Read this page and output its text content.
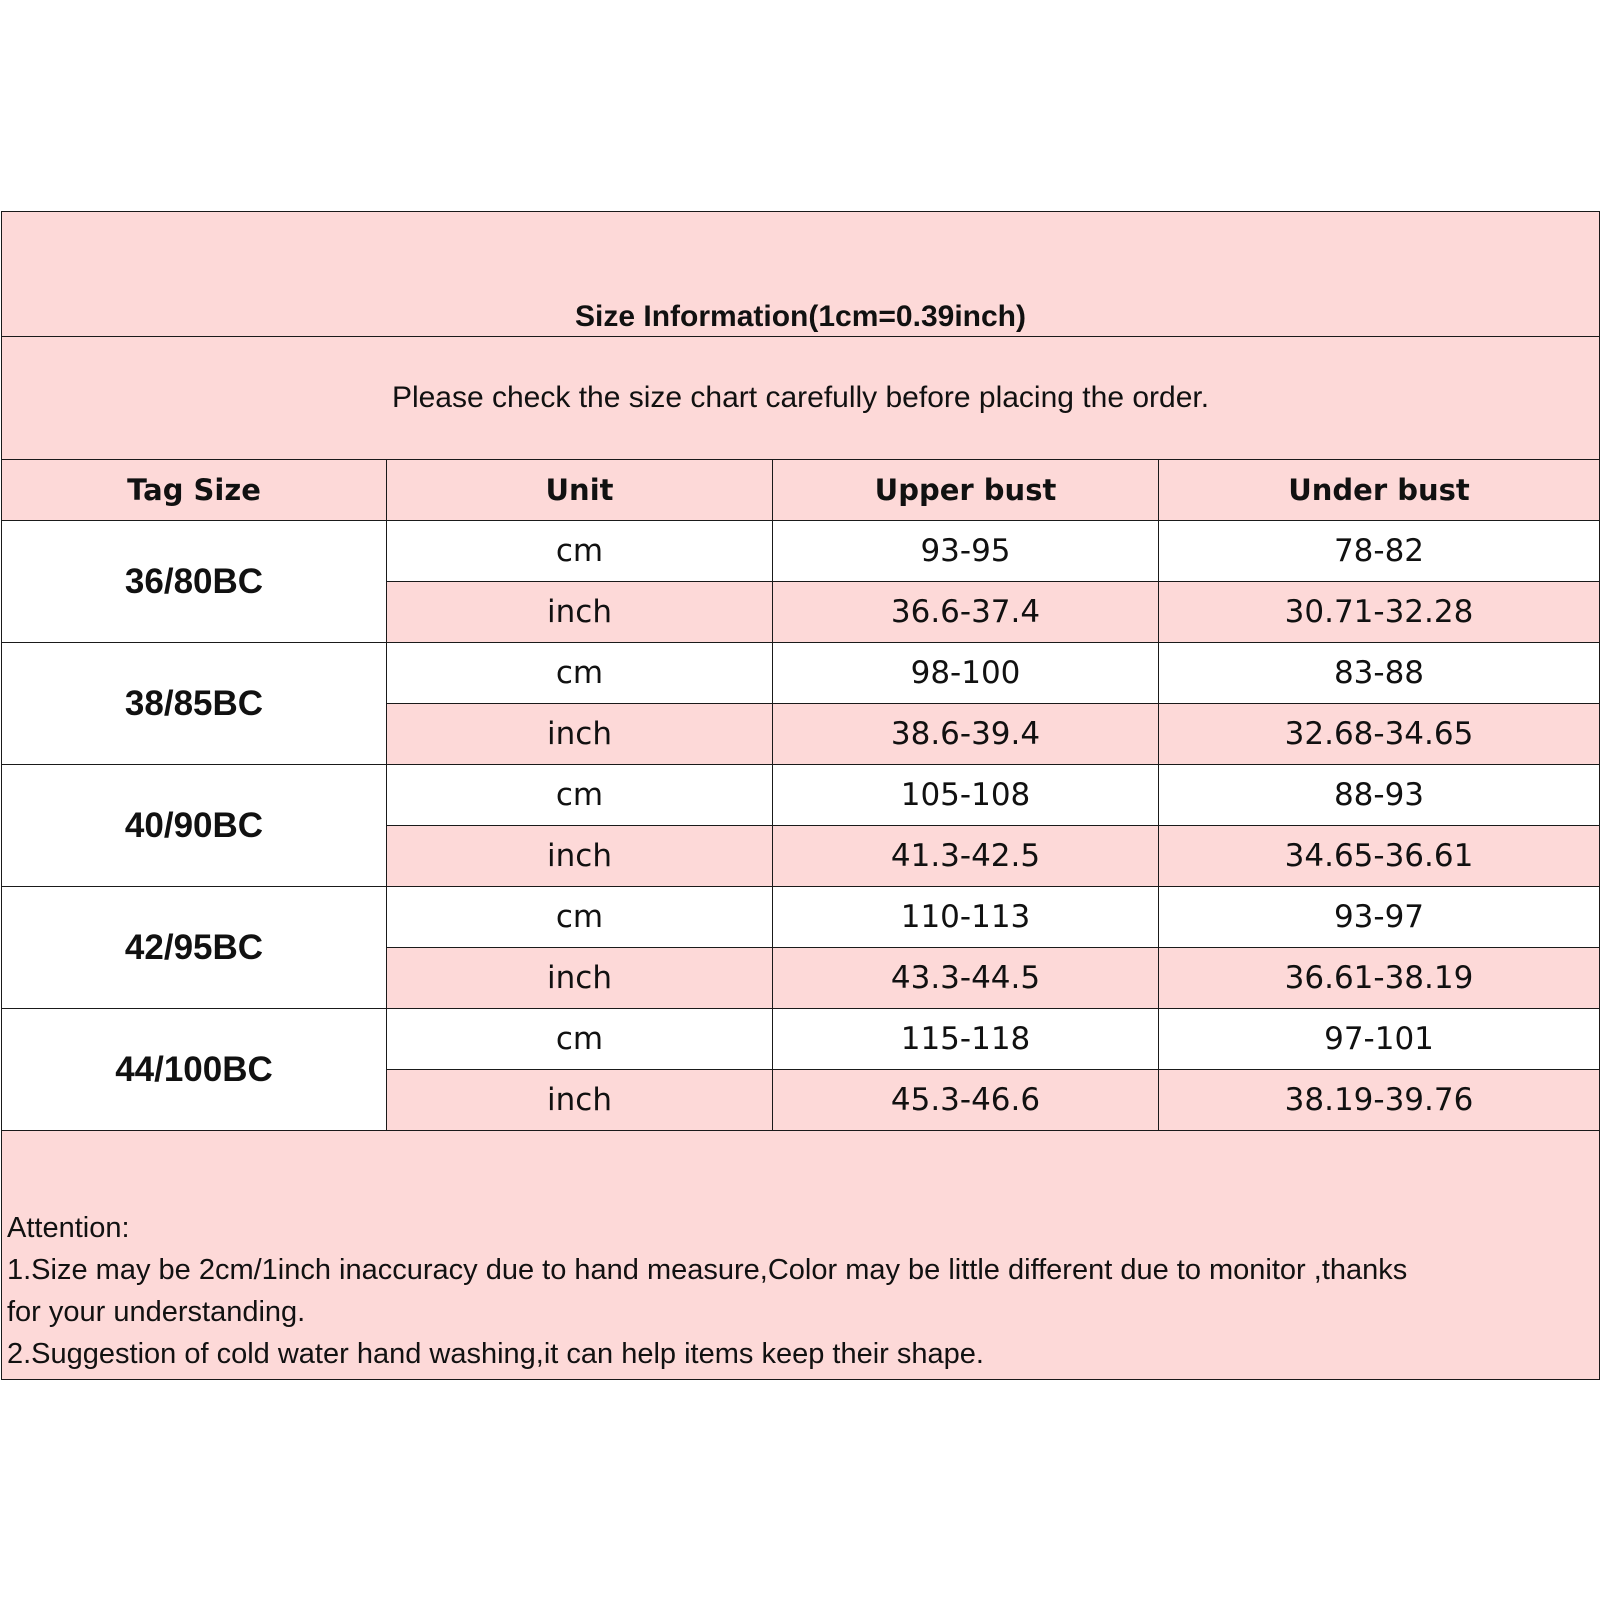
Size Information(1cm=0.39inch)			
Please check the size chart carefully before placing the order.			
Tag Size	Unit	Upper bust	Under bust
36/80BC	cm	93-95	78-82
	inch	36.6-37.4	30.71-32.28
38/85BC	cm	98-100	83-88
	inch	38.6-39.4	32.68-34.65
40/90BC	cm	105-108	88-93
	inch	41.3-42.5	34.65-36.61
42/95BC	cm	110-113	93-97
	inch	43.3-44.5	36.61-38.19
44/100BC	cm	115-118	97-101
	inch	45.3-46.6	38.19-39.76

Attention:
1.Size may be 2cm/1inch inaccuracy due to hand measure,Color may be little different due to monitor ,thanks
for your understanding.
2.Suggestion of cold water hand washing,it can help items keep their shape.			
